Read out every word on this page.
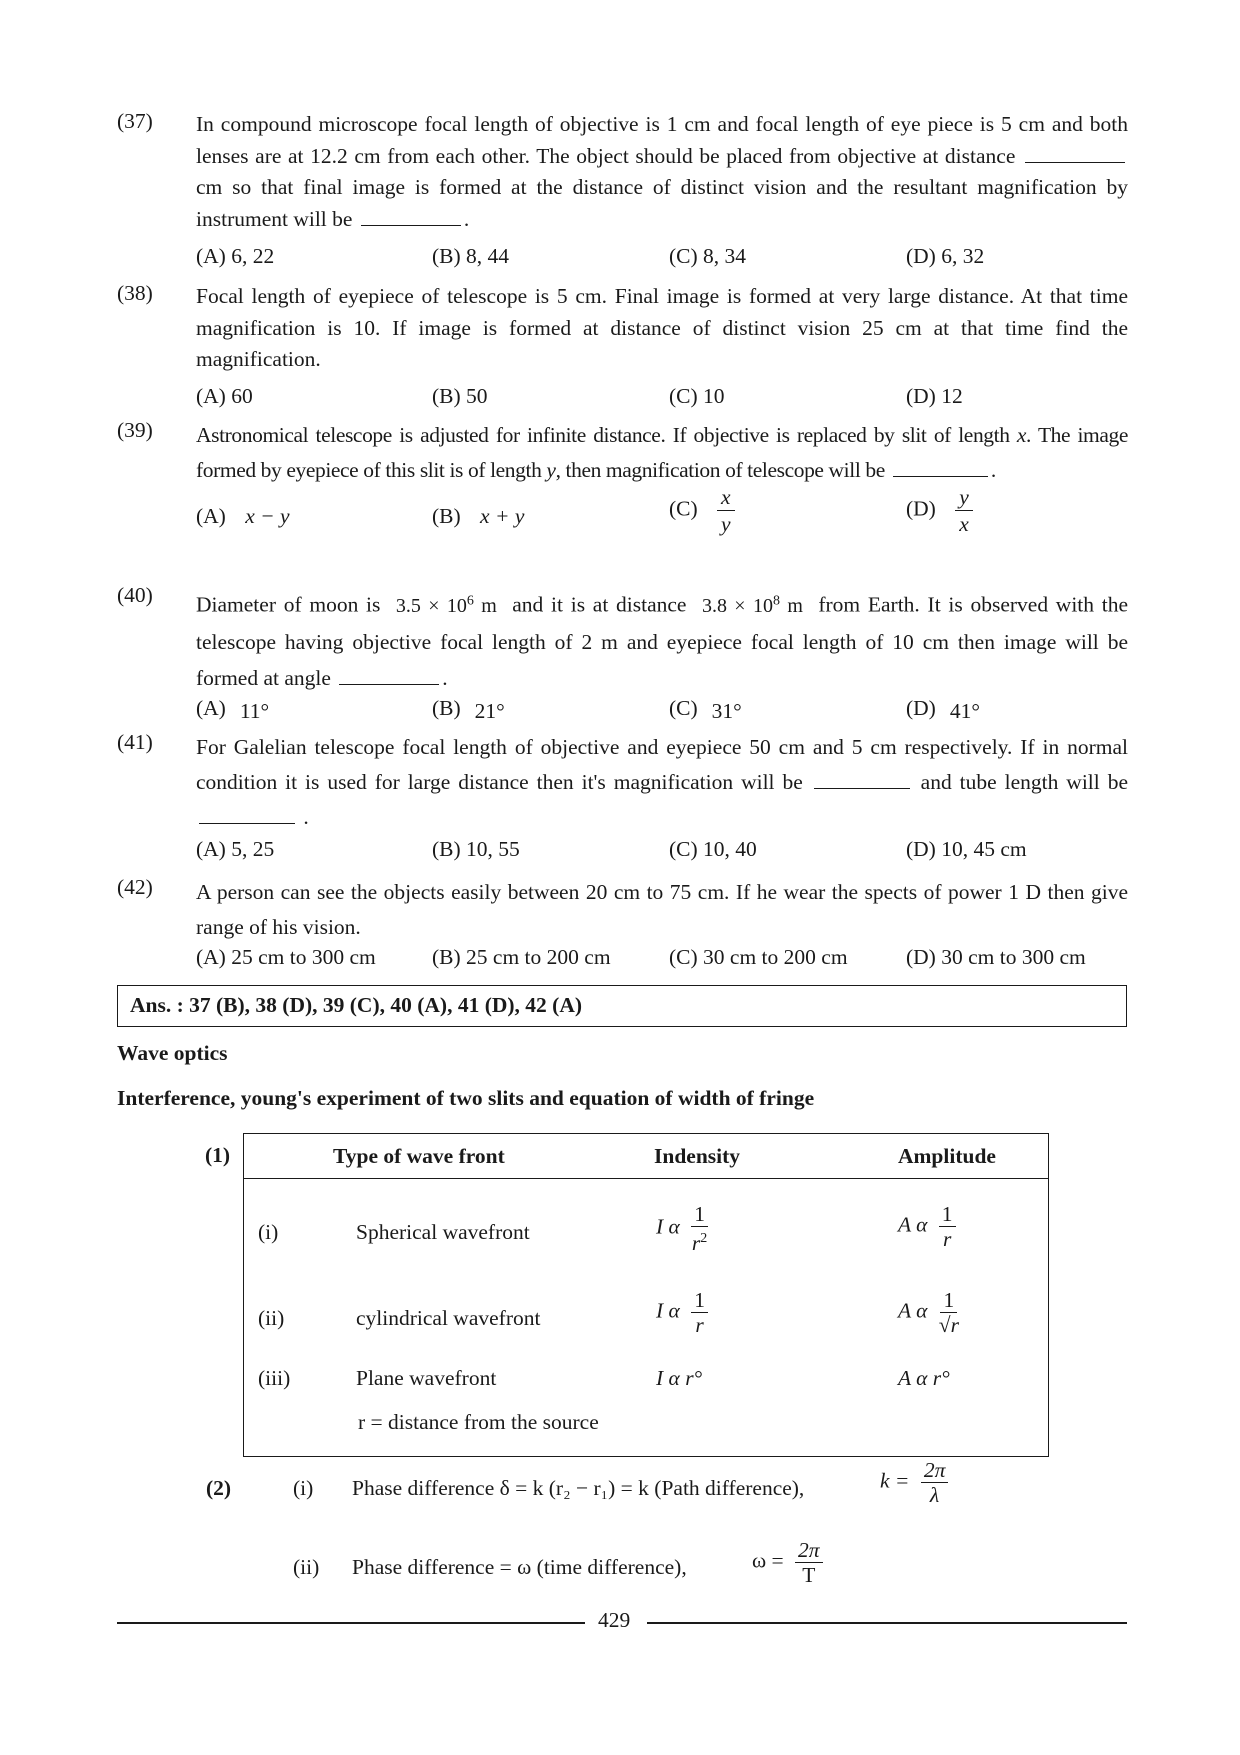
(37) In compound microscope focal length of objective is 1 cm and focal length of eye piece is 5 cm and both lenses are at 12.2 cm from each other. The object should be placed from objective at distance  cm so that final image is formed at the distance of distinct vision and the resultant magnification by instrument will be	.
(A) 6, 22	(B) 8, 44	(C) 8, 34	(D) 6, 32
(38) Focal length of eyepiece of telescope is 5 cm. Final image is formed at very large distance. At that time magnification is 10. If image is formed at distance of distinct vision 25 cm at that time find the magnification.
(A) 60	(B) 50	(C) 10	(D) 12
(39) Astronomical telescope is adjusted for infinite distance. If objective is replaced by slit of length x. The image formed by eyepiece of this slit is of length y, then magnification of telescope will be	.
(A) x − y	(B) x + y	$(C) \frac{x}{y}$	$(D) \frac{y}{x}$
(40) Diameter of moon is $3.5 \times 10^6$ m and it is at distance $3.8 \times 10^8$ m from Earth. It is observed with the telescope having objective focal length of 2 m and eyepiece focal length of 10 cm then image will be formed at angle	.
(A) 11°	(B) 21°	(C) 31°	(D) 41°
(41) For Galelian telescope focal length of objective and eyepiece 50 cm and 5 cm respectively. If in normal condition it is used for large distance then it's magnification will be	and tube length will be  .
(A) 5, 25	(B) 10, 55	(C) 10, 40	(D) 10, 45 cm
(42) A person can see the objects easily between 20 cm to 75 cm. If he wear the spects of power 1 D then give range of his vision.
(A) 25 cm to 300 cm	(B) 25 cm to 200 cm	(C) 30 cm to 200 cm	(D) 30 cm to 300 cm
Ans. : 37 (B), 38 (D), 39 (C), 40 (A), 41 (D), 42 (A)
Wave optics
Interference, young's experiment of two slits and equation of width of fringe
(1)	Type of wave front	Indensity	Amplitude
(i)	Spherical wavefront	I α $\frac{1}{r^2}$	A α $\frac{1}{r}$
(ii)	cylindrical wavefront	I α $\frac{1}{r}$	A α $\frac{1}{√r}$
(iii)	Plane wavefront	I α r°	A α r°
r = distance from the source
(2)	(i) Phase difference δ = k (r₂ − r₁) = k (Path difference),	$k = \frac{2\pi}{\lambda}$
(ii) Phase difference = ω (time difference),	$\omega = \frac{2\pi}{T}$
429
